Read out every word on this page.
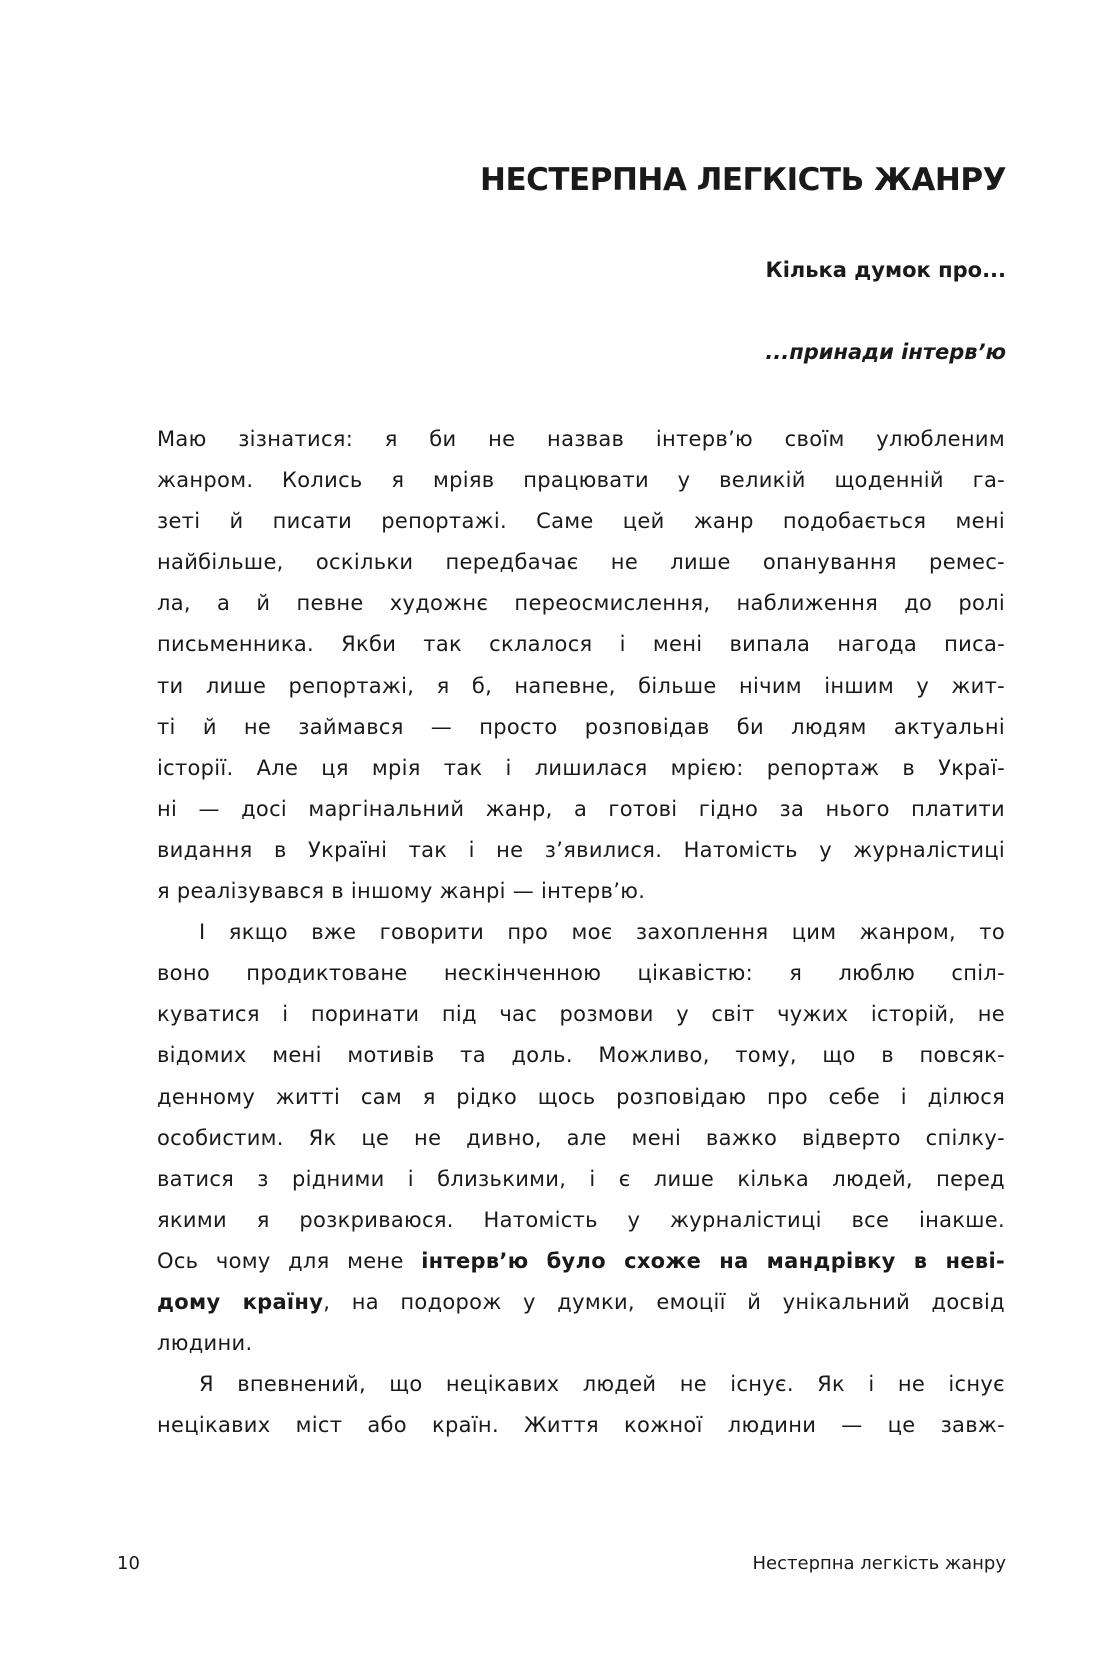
НЕСТЕРПНА ЛЕГКІСТЬ ЖАНРУ
Кілька думок про...
...принади інтерв’ю
Маю зізнатися: я би не назвав інтерв’ю своїм улюбленим
жанром. Колись я мріяв працювати у великій щоденній га-
зеті й писати репортажі. Саме цей жанр подобається мені
найбільше, оскільки передбачає не лише опанування ремес-
ла, а й певне художнє переосмислення, наближення до ролі
письменника. Якби так склалося і мені випала нагода писа-
ти лише репортажі, я б, напевне, більше нічим іншим у жит-
ті й не займався — просто розповідав би людям актуальні
історії. Але ця мрія так і лишилася мрією: репортаж в Украї-
ні — досі маргінальний жанр, а готові гідно за нього платити
видання в Україні так і не з’явилися. Натомість у журналістиці
я реалізувався в іншому жанрі — інтерв’ю.
І якщо вже говорити про моє захоплення цим жанром, то
воно продиктоване нескінченною цікавістю: я люблю спіл-
куватися і поринати під час розмови у світ чужих історій, не
відомих мені мотивів та доль. Можливо, тому, що в повсяк-
денному житті сам я рідко щось розповідаю про себе і ділюся
особистим. Як це не дивно, але мені важко відверто спілку-
ватися з рідними і близькими, і є лише кілька людей, перед
якими я розкриваюся. Натомість у журналістиці все інакше.
Ось чому для мене інтерв’ю було схоже на мандрівку в неві-
дому країну, на подорож у думки, емоції й унікальний досвід
людини.
Я впевнений, що нецікавих людей не існує. Як і не існує
нецікавих міст або країн. Життя кожної людини — це завж-
10	Нестерпна легкість жанру
